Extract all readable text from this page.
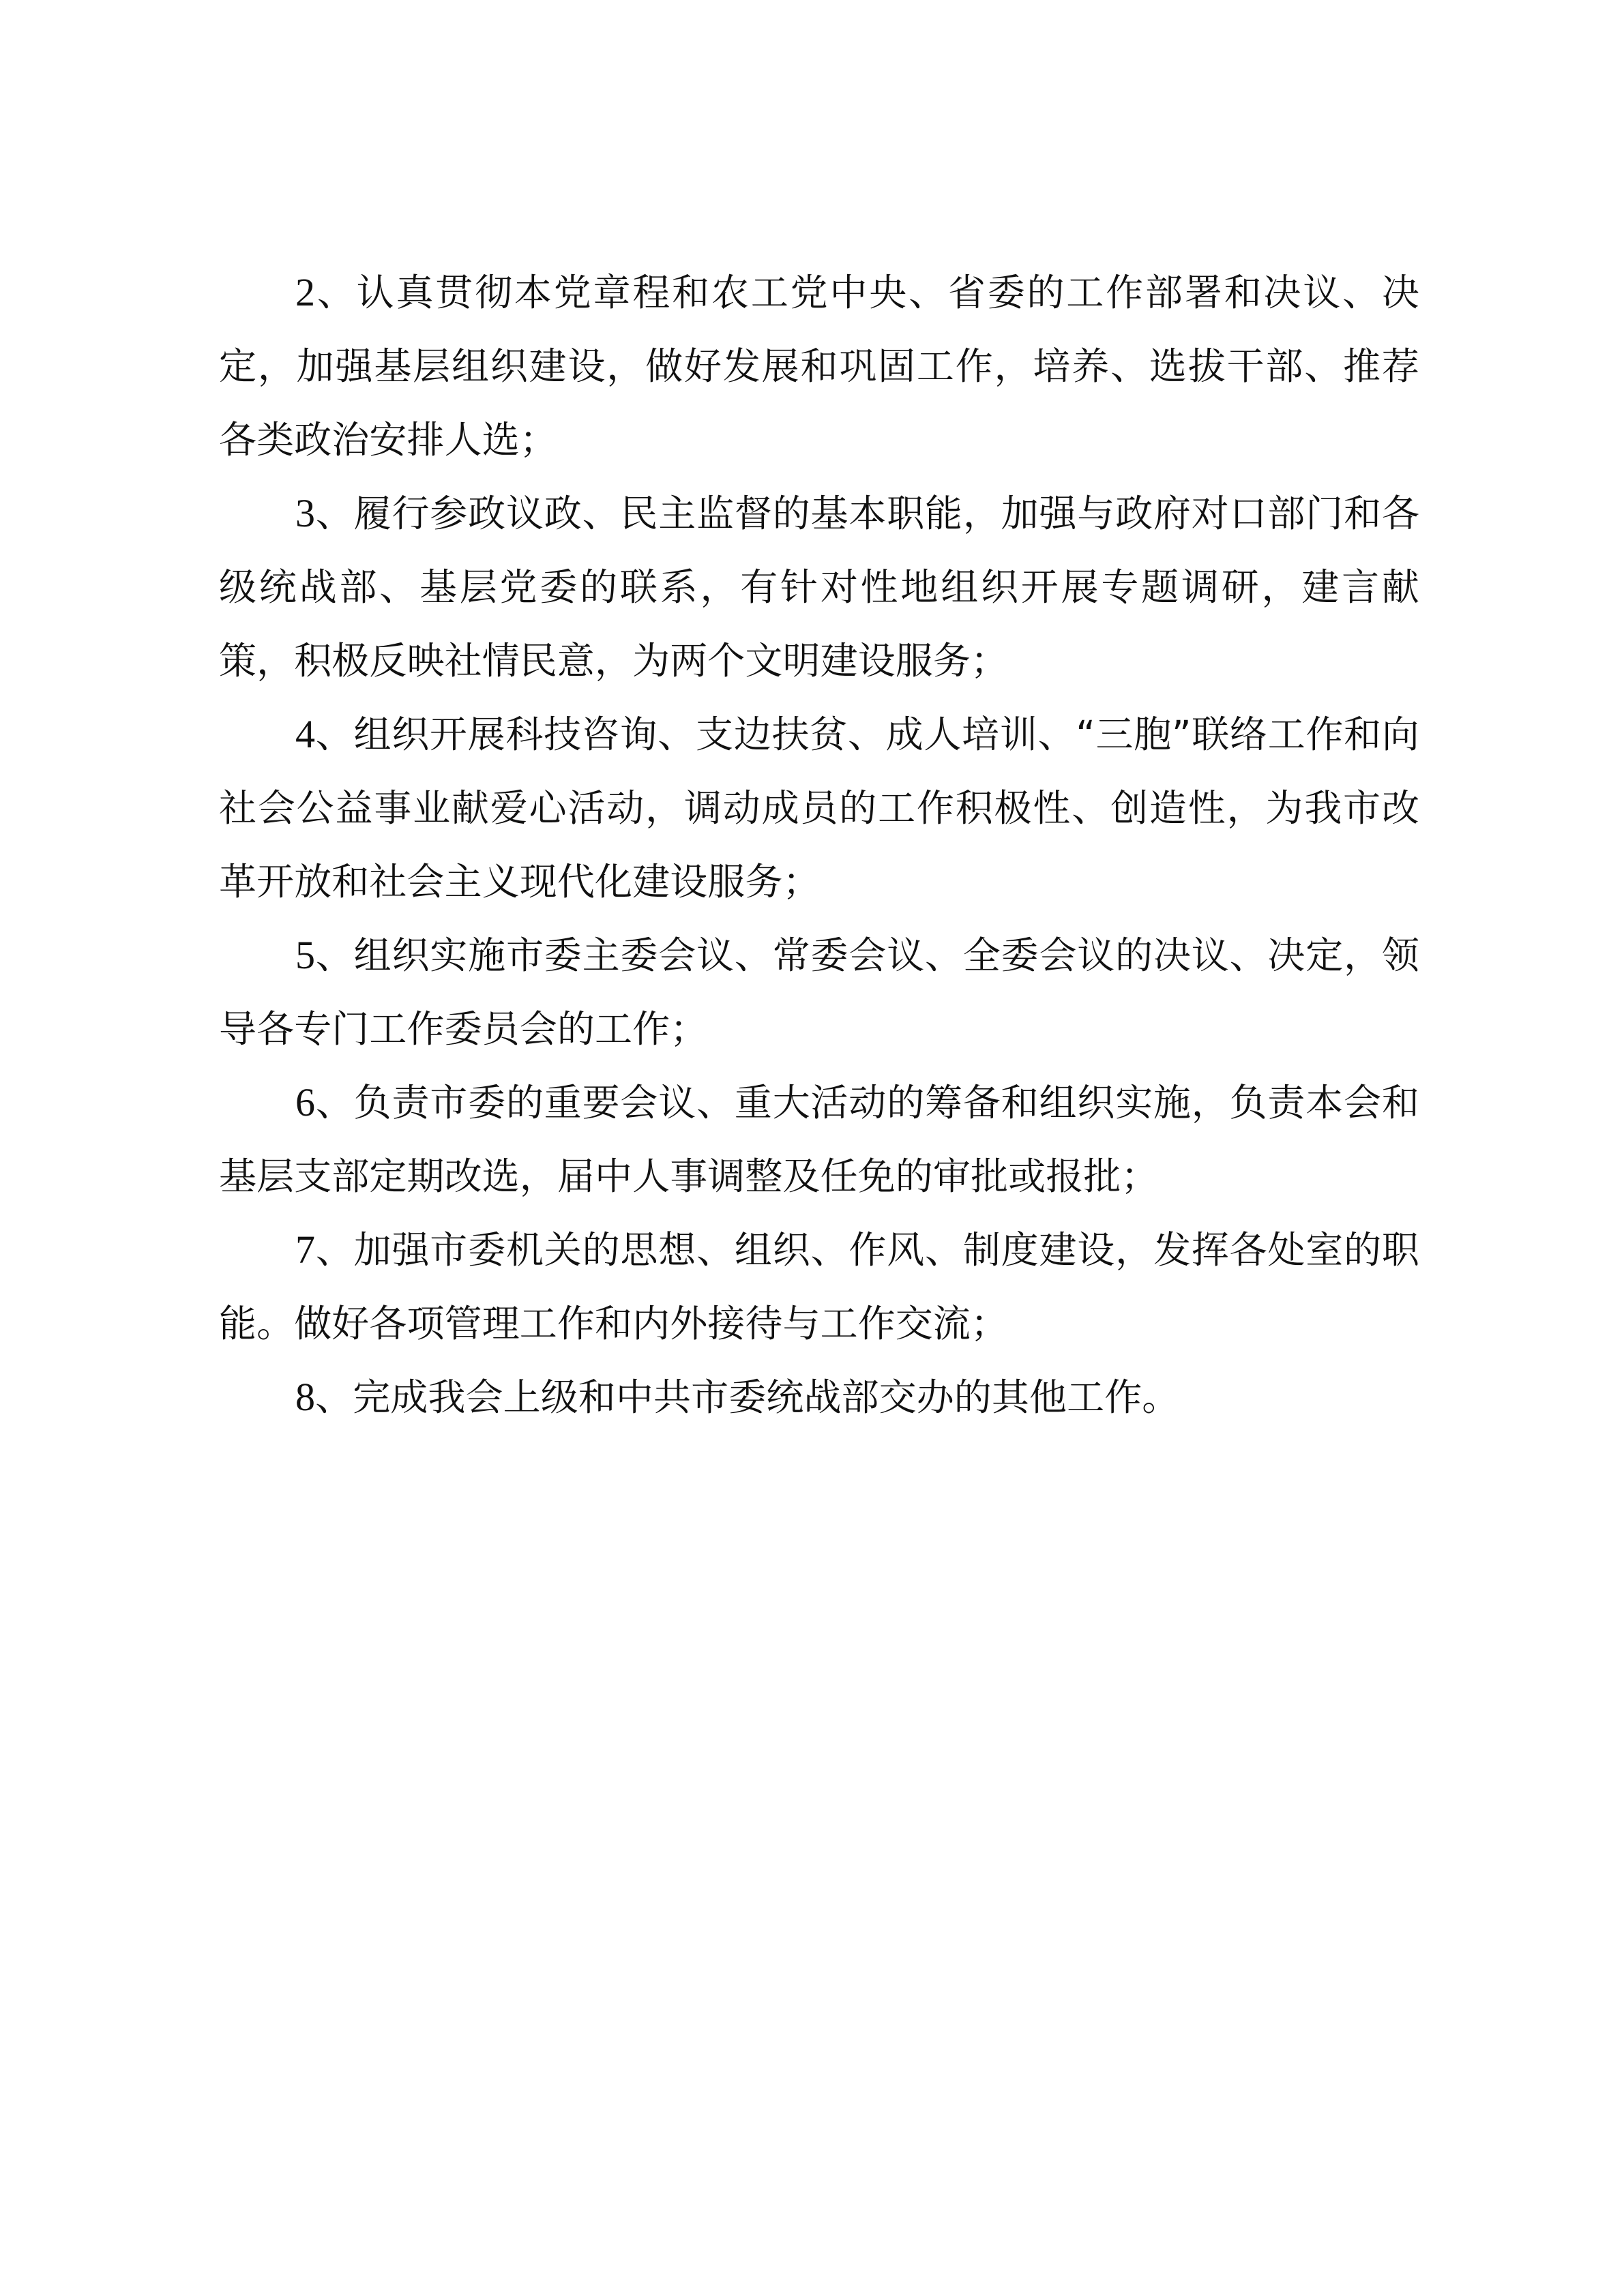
2、认真贯彻本党章程和农工党中央、省委的工作部署和决议、决定，加强基层组织建设，做好发展和巩固工作，培养、选拔干部、推荐各类政治安排人选；

3、履行参政议政、民主监督的基本职能，加强与政府对口部门和各级统战部、基层党委的联系，有针对性地组织开展专题调研，建言献策，积极反映社情民意，为两个文明建设服务；

4、组织开展科技咨询、支边扶贫、成人培训、“三胞”联络工作和向社会公益事业献爱心活动，调动成员的工作积极性、创造性，为我市改革开放和社会主义现代化建设服务；

5、组织实施市委主委会议、常委会议、全委会议的决议、决定，领导各专门工作委员会的工作；

6、负责市委的重要会议、重大活动的筹备和组织实施，负责本会和基层支部定期改选，届中人事调整及任免的审批或报批；

7、加强市委机关的思想、组织、作风、制度建设，发挥各处室的职能。做好各项管理工作和内外接待与工作交流；

8、完成我会上级和中共市委统战部交办的其他工作。
